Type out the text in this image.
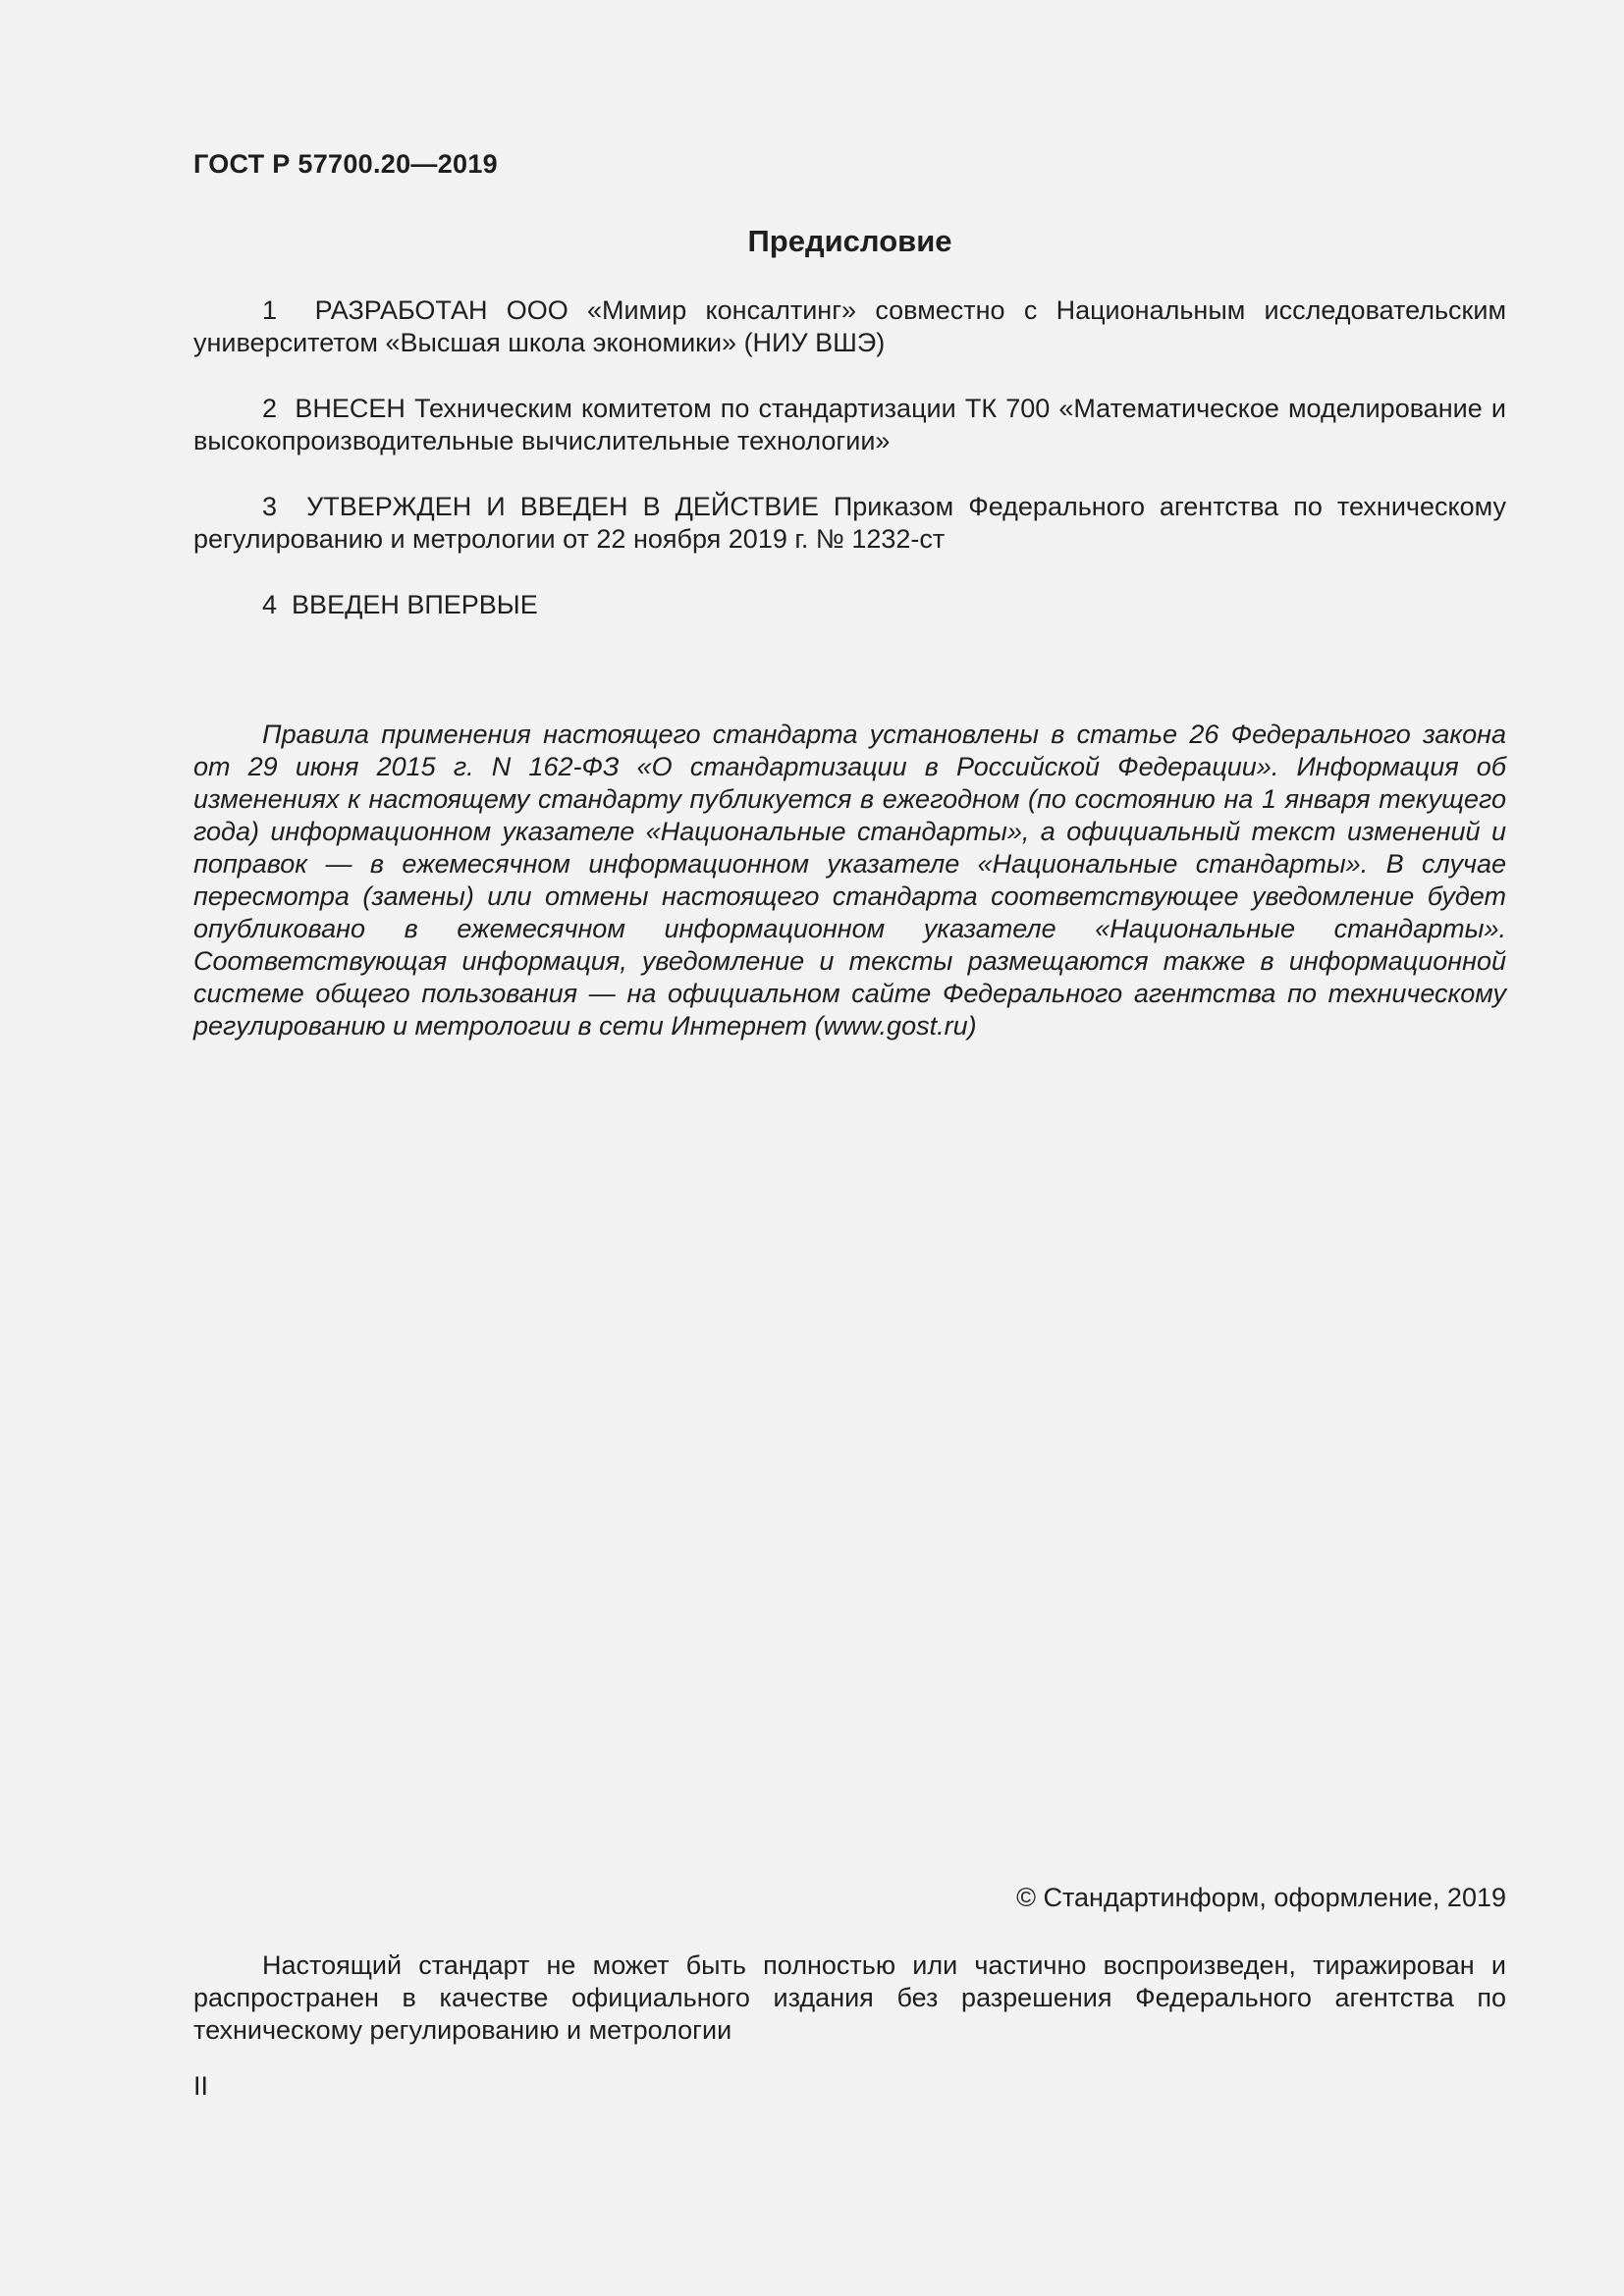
ГОСТ Р 57700.20—2019
Предисловие

1 РАЗРАБОТАН ООО «Мимир консалтинг» совместно с Национальным исследовательским университетом «Высшая школа экономики» (НИУ ВШЭ)

2 ВНЕСЕН Техническим комитетом по стандартизации ТК 700 «Математическое моделирование и высокопроизводительные вычислительные технологии»

3 УТВЕРЖДЕН И ВВЕДЕН В ДЕЙСТВИЕ Приказом Федерального агентства по техническому регулированию и метрологии от 22 ноября 2019 г. № 1232-ст

4 ВВЕДЕН ВПЕРВЫЕ

Правила применения настоящего стандарта установлены в статье 26 Федерального закона от 29 июня 2015 г. N 162-ФЗ «О стандартизации в Российской Федерации». Информация об изменениях к настоящему стандарту публикуется в ежегодном (по состоянию на 1 января текущего года) информационном указателе «Национальные стандарты», а официальный текст изменений и поправок — в ежемесячном информационном указателе «Национальные стандарты». В случае пересмотра (замены) или отмены настоящего стандарта соответствующее уведомление будет опубликовано в ежемесячном информационном указателе «Национальные стандарты». Соответствующая информация, уведомление и тексты размещаются также в информационной системе общего пользования — на официальном сайте Федерального агентства по техническому регулированию и метрологии в сети Интернет (www.gost.ru)

© Стандартинформ, оформление, 2019

Настоящий стандарт не может быть полностью или частично воспроизведен, тиражирован и распространен в качестве официального издания без разрешения Федерального агентства по техническому регулированию и метрологии

II
